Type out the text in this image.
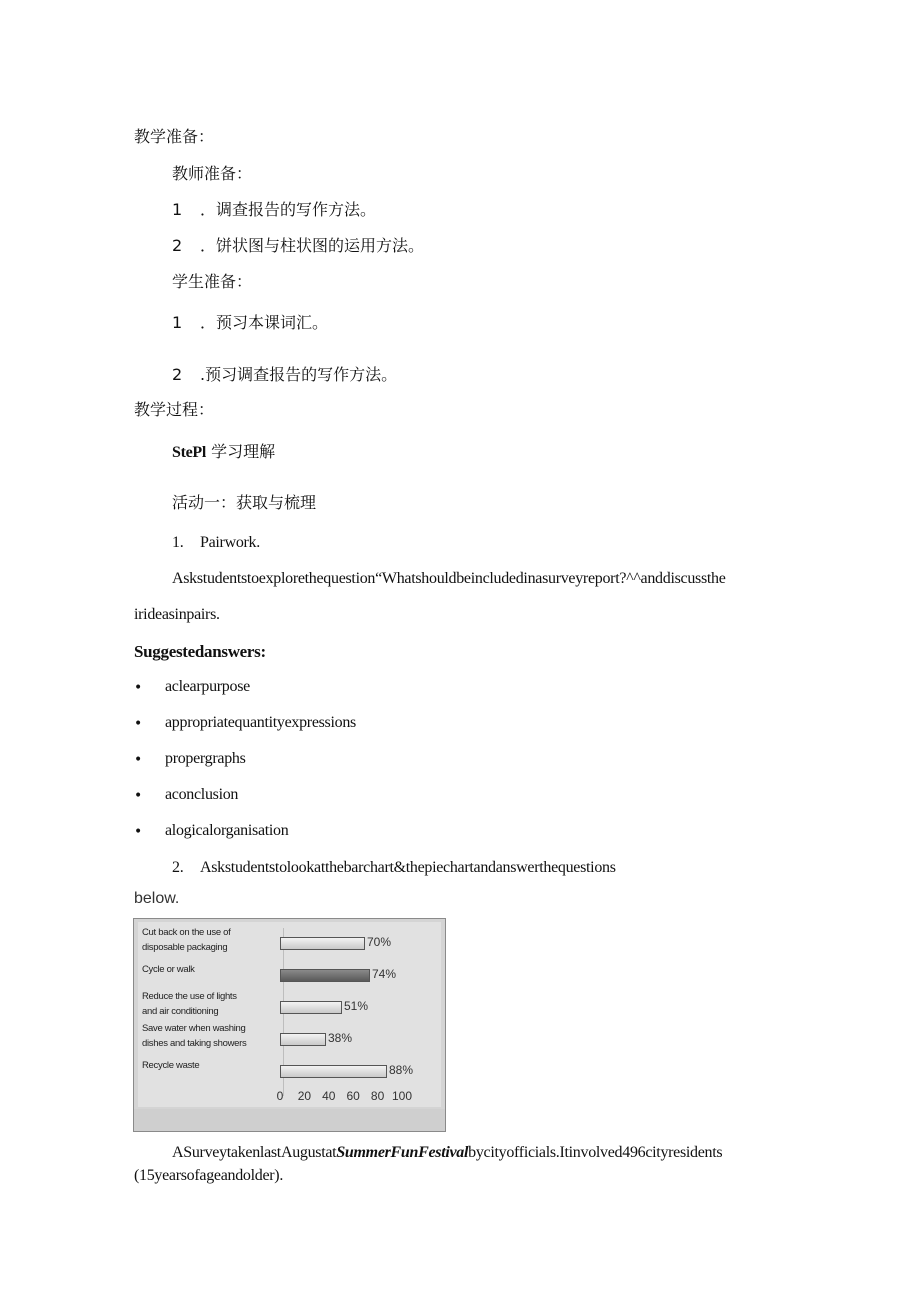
教学准备：
教师准备：
1 ．调查报告的写作方法。
2 ．饼状图与柱状图的运用方法。
学生准备：
1 ．预习本课词汇。
2 .预习调查报告的写作方法。
教学过程：
StePl 学习理解
活动一：获取与梳理
1. Pairwork.
Askstudentstoexplorethequestion“Whatshouldbeincludedinasurveyreport?^^anddiscussthe
irideasinpairs.
Suggestedanswers:
• aclearpurpose
• appropriatequantityexpressions
• propergraphs
• aconclusion
• alogicalorganisation
2. Askstudentstolookatthebarchart&thepiechartandanswerthequestions
below.
Cut back on the use of
disposable packaging	70%
Cycle or walk	74%
Reduce the use of lights
and air conditioning	51%
Save water when washing
dishes and taking showers	38%
Recycle waste	88%
0	20 40 60 80 100
ASurveytakenlastAugustatSummerFunFestivalbycityofficials.Itinvolved496cityresidents
(15yearsofageandolder).
